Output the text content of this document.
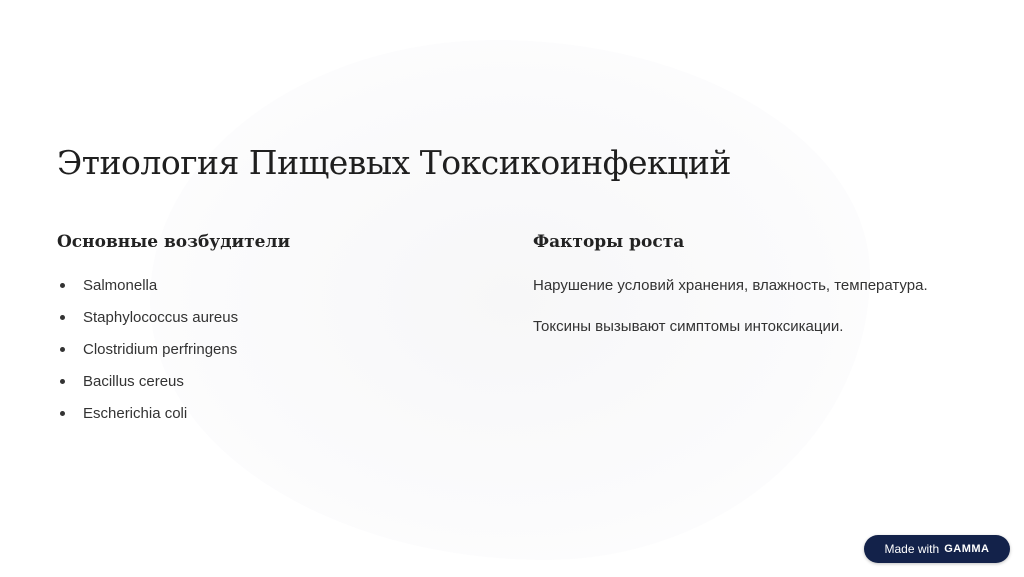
Этиология Пищевых Токсикоинфекций
Основные возбудители
Salmonella
Staphylococcus aureus
Clostridium perfringens
Bacillus cereus
Escherichia coli
Факторы роста

Нарушение условий хранения, влажность, температура.

Токсины вызывают симптомы интоксикации.

Made with GAMMA
